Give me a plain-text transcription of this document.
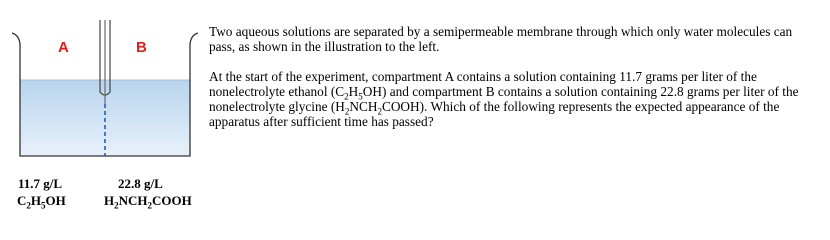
A	B
11.7 g/L	22.8 g/L
$C_2H_5OH$	$H_2NCH_2COOH$

Two aqueous solutions are separated by a semipermeable membrane through which only water molecules can pass, as shown in the illustration to the left.

At the start of the experiment, compartment A contains a solution containing 11.7 grams per liter of the nonelectrolyte ethanol $(C_2H_5OH)$ and compartment B contains a solution containing 22.8 grams per liter of the nonelectrolyte glycine $(H_2NCH_2COOH)$. Which of the following represents the expected appearance of the apparatus after sufficient time has passed?
